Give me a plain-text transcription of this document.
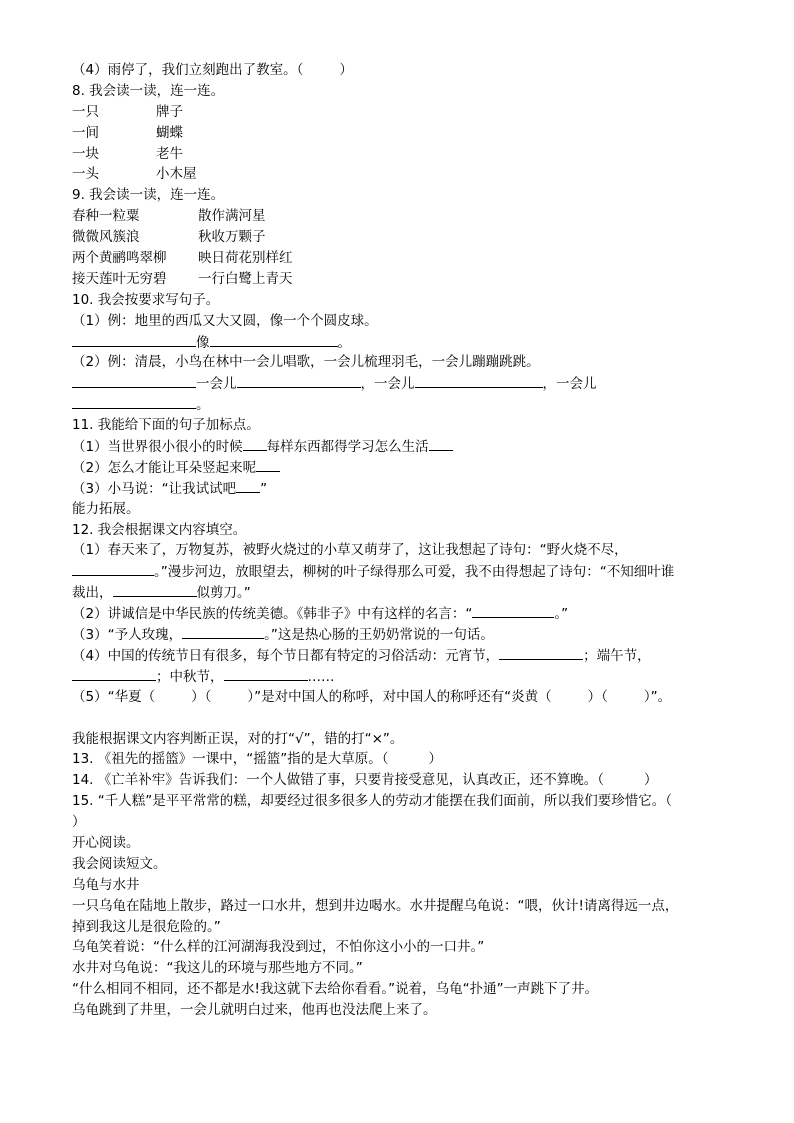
（4）雨停了，我们立刻跑出了教室。（	）
8. 我会读一读，连一连。
一只	牌子
一间	蝴蝶
一块	老牛
一头	小木屋
9. 我会读一读，连一连。
春种一粒粟	散作满河星
微微风簇浪	秋收万颗子
两个黄鹂鸣翠柳 映日荷花别样红
接天莲叶无穷碧 一行白鹭上青天
10. 我会按要求写句子。
（1）例：地里的西瓜又大又圆，像一个个圆皮球。
像	。
（2）例：清晨，小鸟在林中一会儿唱歌，一会儿梳理羽毛，一会儿蹦蹦跳跳。
一会儿	，一会儿	，一会儿
。
11. 我能给下面的句子加标点。
（1）当世界很小很小的时候 每样东西都得学习怎么生活
（2）怎么才能让耳朵竖起来呢
（3）小马说：“让我试试吧 ”
能力拓展。
12. 我会根据课文内容填空。
（1）春天来了，万物复苏，被野火烧过的小草又萌芽了，这让我想起了诗句：“野火烧不尽，
。”漫步河边，放眼望去，柳树的叶子绿得那么可爱，我不由得想起了诗句：“不知细叶谁
裁出，	似剪刀。”
（2）讲诚信是中华民族的传统美德。《韩非子》中有这样的名言：“	。”
（3）“予人玫瑰，	。”这是热心肠的王奶奶常说的一句话。
（4）中国的传统节日有很多，每个节日都有特定的习俗活动：元宵节，	；端午节，
；中秋节，	……
（5）“华夏（	）（	）”是对中国人的称呼，对中国人的称呼还有“炎黄（	）（	）”。
我能根据课文内容判断正误，对的打“√”，错的打“×”。
13. 《祖先的摇篮》一课中，“摇篮”指的是大草原。（	）
14. 《亡羊补牢》告诉我们：一个人做错了事，只要肯接受意见，认真改正，还不算晚。（	）
15. “千人糕”是平平常常的糕，却要经过很多很多人的劳动才能摆在我们面前，所以我们要珍惜它。（
）
开心阅读。
我会阅读短文。
乌龟与水井
一只乌龟在陆地上散步，路过一口水井，想到井边喝水。水井提醒乌龟说：“喂，伙计!请离得远一点，
掉到我这儿是很危险的。”
乌龟笑着说：“什么样的江河湖海我没到过，不怕你这小小的一口井。”
水井对乌龟说：“我这儿的环境与那些地方不同。”
“什么相同不相同，还不都是水!我这就下去给你看看。”说着，乌龟“扑通”一声跳下了井。
乌龟跳到了井里，一会儿就明白过来，他再也没法爬上来了。
